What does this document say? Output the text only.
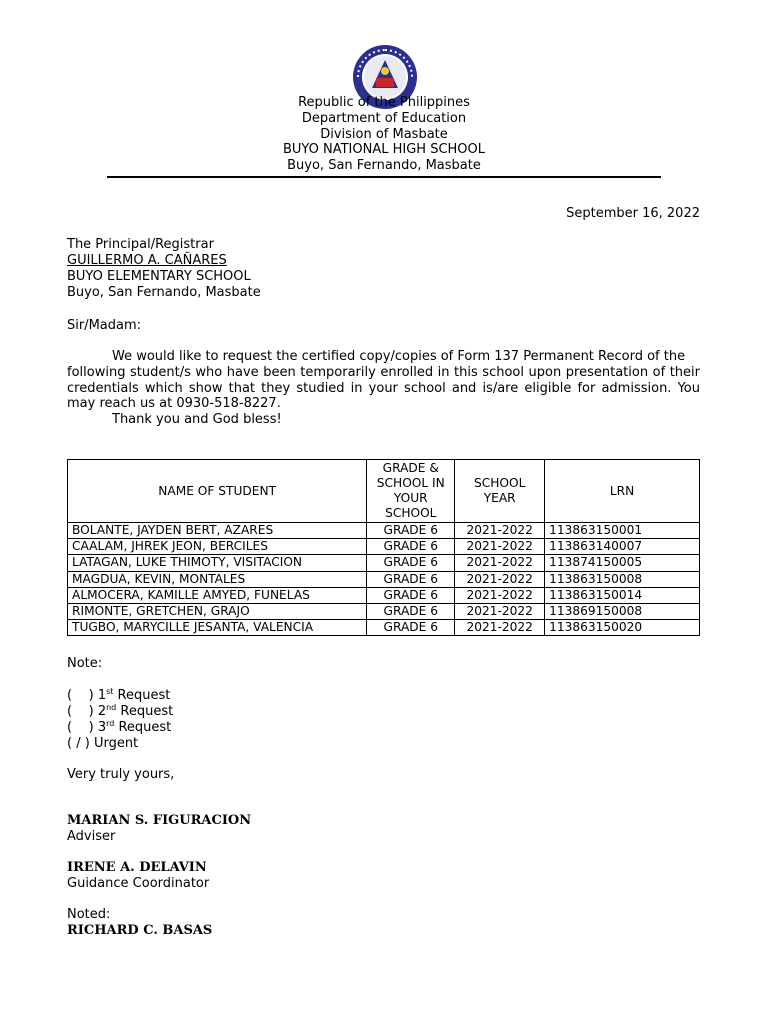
Republic of the Philippines
Department of Education
Division of Masbate
BUYO NATIONAL HIGH SCHOOL
Buyo, San Fernando, Masbate
September 16, 2022
The Principal/Registrar
GUILLERMO A. CAÑARES
BUYO ELEMENTARY SCHOOL
Buyo, San Fernando, Masbate
Sir/Madam:

We would like to request the certified copy/copies of Form 137 Permanent Record of the

following student/s who have been temporarily enrolled in this school upon presentation of their credentials which show that they studied in your school and is/are eligible for admission. You may reach us at 0930-518-8227.

Thank you and God bless!

NAME OF STUDENT	GRADE & SCHOOL IN YOUR SCHOOL	SCHOOL YEAR	LRN
BOLANTE, JAYDEN BERT, AZARES	GRADE 6	2021-2022	113863150001
CAALAM, JHREK JEON, BERCILES	GRADE 6	2021-2022	113863140007
LATAGAN, LUKE THIMOTY, VISITACION	GRADE 6	2021-2022	113874150005
MAGDUA, KEVIN, MONTALES	GRADE 6	2021-2022	113863150008
ALMOCERA, KAMILLE AMYED, FUNELAS	GRADE 6	2021-2022	113863150014
RIMONTE, GRETCHEN, GRAJO	GRADE 6	2021-2022	113869150008
TUGBO, MARYCILLE JESANTA, VALENCIA	GRADE 6	2021-2022	113863150020
Note:
(    ) 1st Request
(    ) 2nd Request
(    ) 3rd Request
( / ) Urgent
Very truly yours,
MARIAN S. FIGURACION
Adviser
IRENE A. DELAVIN
Guidance Coordinator
Noted:
RICHARD C. BASAS
